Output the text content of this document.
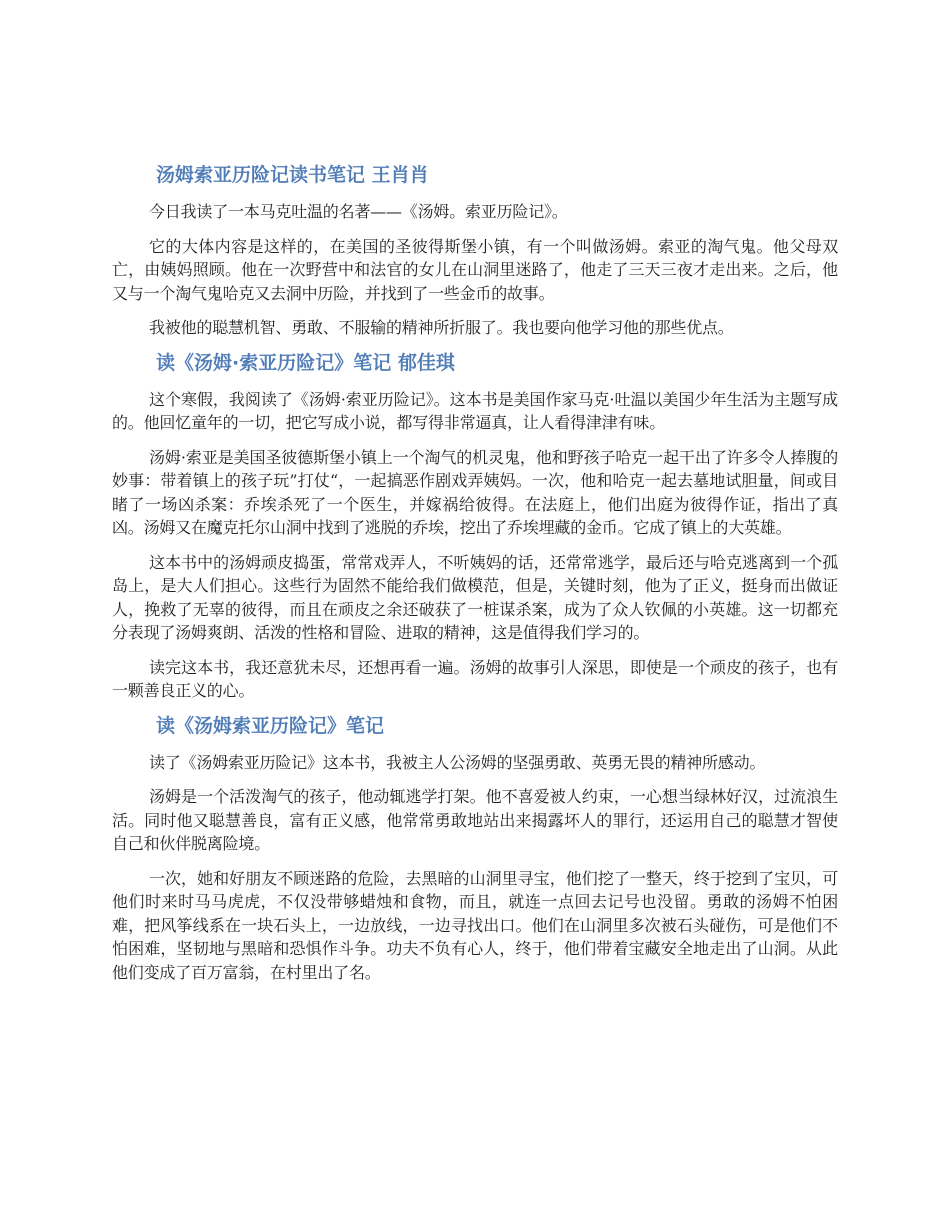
汤姆索亚历险记读书笔记 王肖肖

今日我读了一本马克吐温的名著——《汤姆。索亚历险记》。

它的大体内容是这样的，在美国的圣彼得斯堡小镇，有一个叫做汤姆。索亚的淘气鬼。他父母双亡，由姨妈照顾。他在一次野营中和法官的女儿在山洞里迷路了，他走了三天三夜才走出来。之后，他又与一个淘气鬼哈克又去洞中历险，并找到了一些金币的故事。

我被他的聪慧机智、勇敢、不服输的精神所折服了。我也要向他学习他的那些优点。

读《汤姆·索亚历险记》笔记 郁佳琪

这个寒假，我阅读了《汤姆·索亚历险记》。这本书是美国作家马克·吐温以美国少年生活为主题写成的。他回忆童年的一切，把它写成小说，都写得非常逼真，让人看得津津有味。

汤姆·索亚是美国圣彼德斯堡小镇上一个淘气的机灵鬼，他和野孩子哈克一起干出了许多令人捧腹的妙事：带着镇上的孩子玩”打仗“，一起搞恶作剧戏弄姨妈。一次，他和哈克一起去墓地试胆量，间或目睹了一场凶杀案：乔埃杀死了一个医生，并嫁祸给彼得。在法庭上，他们出庭为彼得作证，指出了真凶。汤姆又在魔克托尔山洞中找到了逃脱的乔埃，挖出了乔埃埋藏的金币。它成了镇上的大英雄。

这本书中的汤姆顽皮捣蛋，常常戏弄人，不听姨妈的话，还常常逃学，最后还与哈克逃离到一个孤岛上，是大人们担心。这些行为固然不能给我们做模范，但是，关键时刻，他为了正义，挺身而出做证人，挽救了无辜的彼得，而且在顽皮之余还破获了一桩谋杀案，成为了众人钦佩的小英雄。这一切都充分表现了汤姆爽朗、活泼的性格和冒险、进取的精神，这是值得我们学习的。

读完这本书，我还意犹未尽，还想再看一遍。汤姆的故事引人深思，即使是一个顽皮的孩子，也有一颗善良正义的心。

读《汤姆索亚历险记》笔记

读了《汤姆索亚历险记》这本书，我被主人公汤姆的坚强勇敢、英勇无畏的精神所感动。

汤姆是一个活泼淘气的孩子，他动辄逃学打架。他不喜爱被人约束，一心想当绿林好汉，过流浪生活。同时他又聪慧善良，富有正义感，他常常勇敢地站出来揭露坏人的罪行，还运用自己的聪慧才智使自己和伙伴脱离险境。

一次，她和好朋友不顾迷路的危险，去黑暗的山洞里寻宝，他们挖了一整天，终于挖到了宝贝，可他们时来时马马虎虎，不仅没带够蜡烛和食物，而且，就连一点回去记号也没留。勇敢的汤姆不怕困难，把风筝线系在一块石头上，一边放线，一边寻找出口。他们在山洞里多次被石头碰伤，可是他们不怕困难，坚韧地与黑暗和恐惧作斗争。功夫不负有心人，终于，他们带着宝藏安全地走出了山洞。从此他们变成了百万富翁，在村里出了名。
